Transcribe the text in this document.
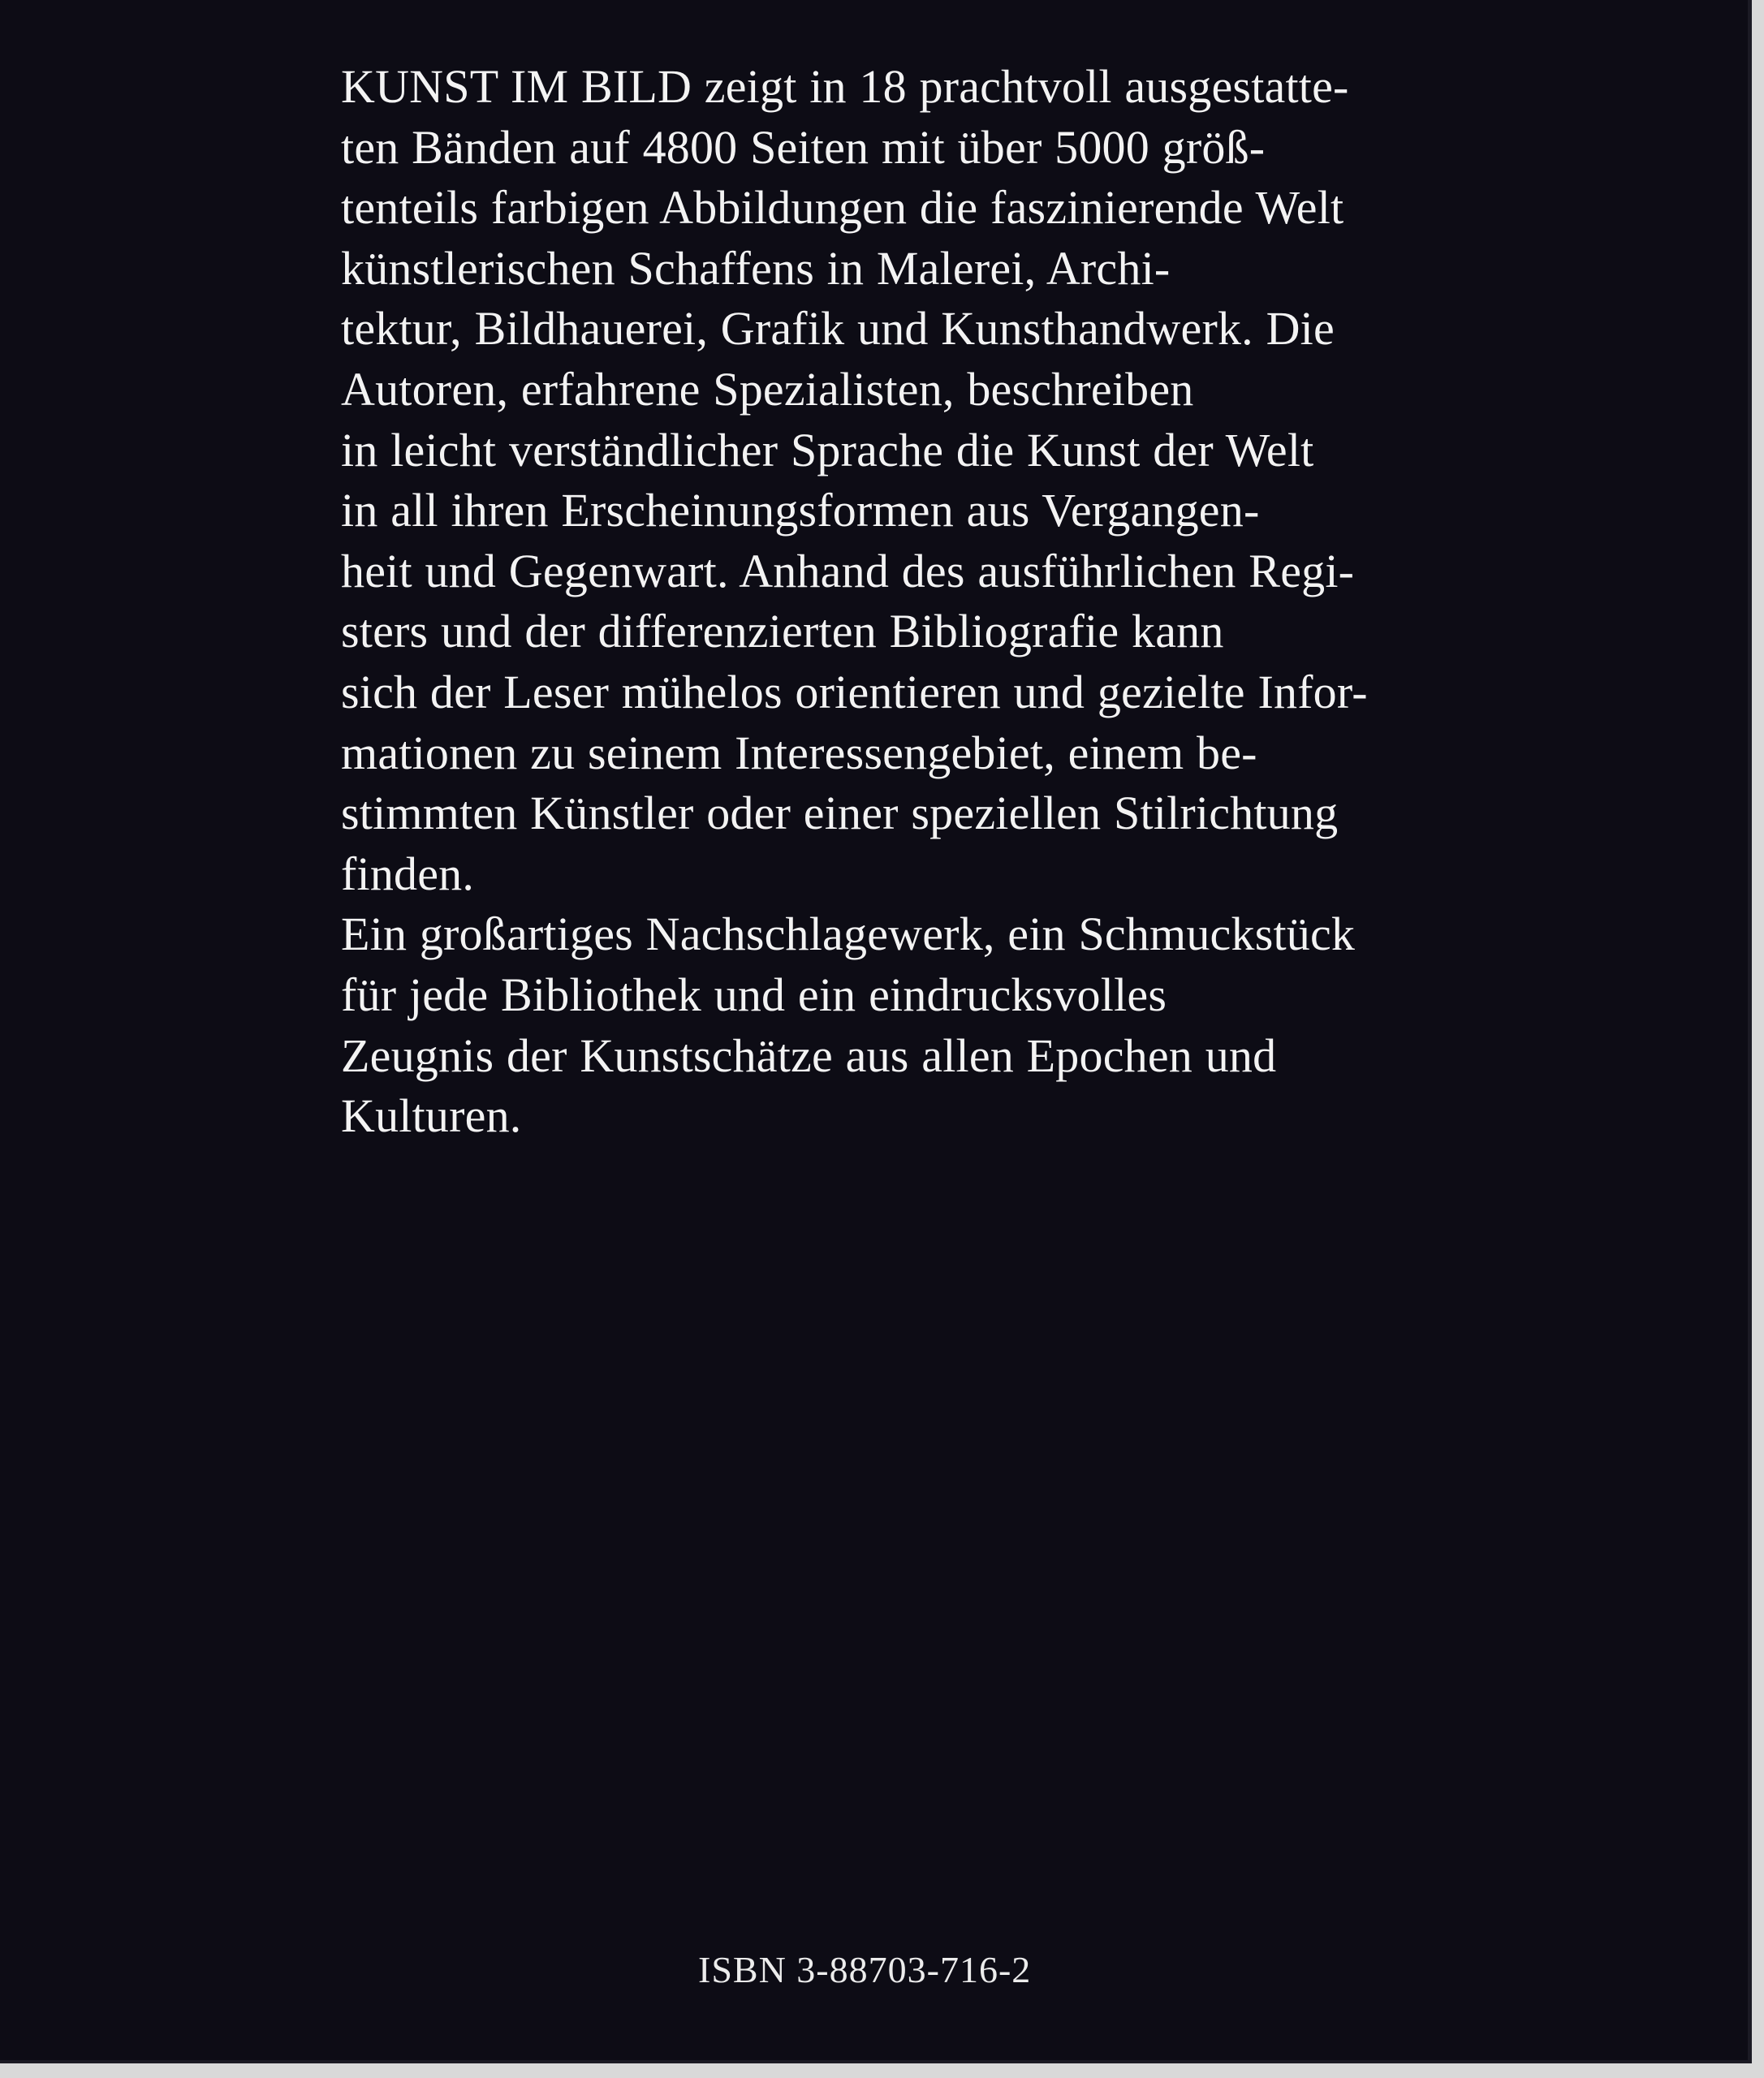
KUNST IM BILD zeigt in 18 prachtvoll ausgestatte-
ten Bänden auf 4800 Seiten mit über 5000 größ-
tenteils farbigen Abbildungen die faszinierende Welt
künstlerischen Schaffens in Malerei, Archi-
tektur, Bildhauerei, Grafik und Kunsthandwerk. Die
Autoren, erfahrene Spezialisten, beschreiben
in leicht verständlicher Sprache die Kunst der Welt
in all ihren Erscheinungsformen aus Vergangen-
heit und Gegenwart. Anhand des ausführlichen Regi-
sters und der differenzierten Bibliografie kann
sich der Leser mühelos orientieren und gezielte Infor-
mationen zu seinem Interessengebiet, einem be-
stimmten Künstler oder einer speziellen Stilrichtung
finden.
Ein großartiges Nachschlagewerk, ein Schmuckstück
für jede Bibliothek und ein eindrucksvolles
Zeugnis der Kunstschätze aus allen Epochen und
Kulturen.

ISBN 3-88703-716-2
